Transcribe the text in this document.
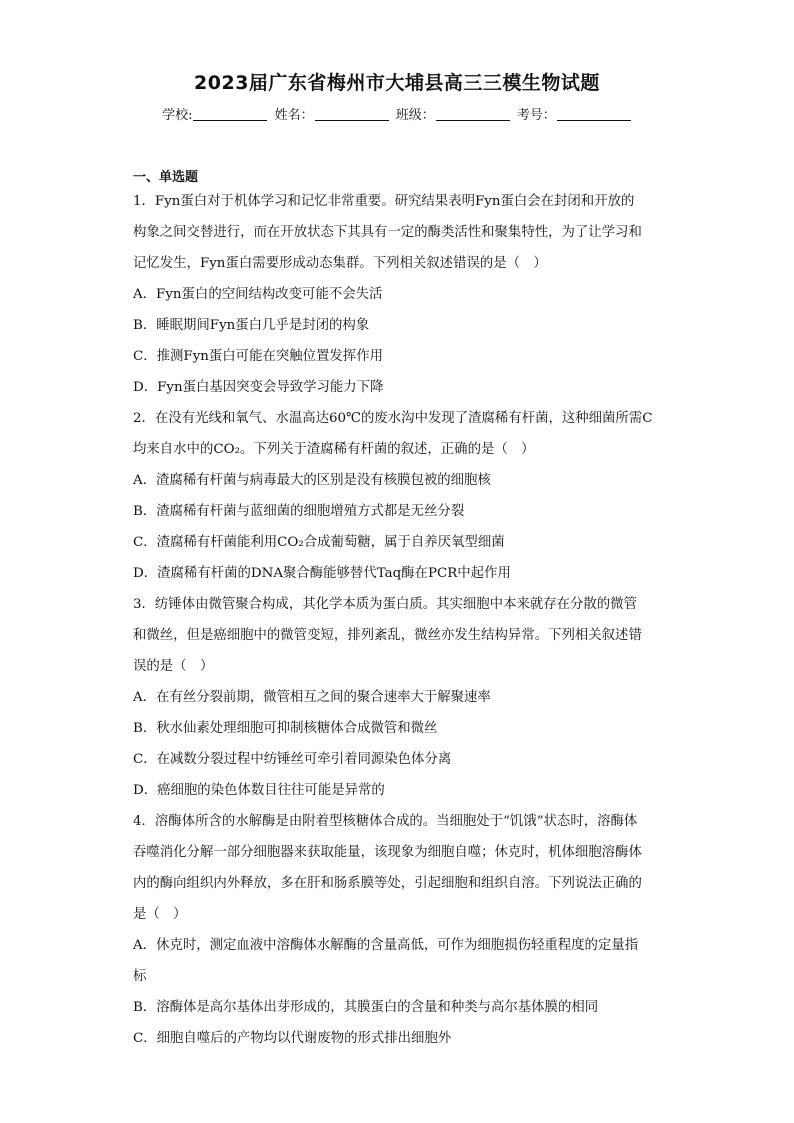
2023届广东省梅州市大埔县高三三模生物试题
学校:	姓名：	班级：	考号：
一、单选题
1．Fyn蛋白对于机体学习和记忆非常重要。研究结果表明Fyn蛋白会在封闭和开放的
构象之间交替进行，而在开放状态下其具有一定的酶类活性和聚集特性，为了让学习和
记忆发生，Fyn蛋白需要形成动态集群。下列相关叙述错误的是（　）
A．Fyn蛋白的空间结构改变可能不会失活
B．睡眠期间Fyn蛋白几乎是封闭的构象
C．推测Fyn蛋白可能在突触位置发挥作用
D．Fyn蛋白基因突变会导致学习能力下降
2．在没有光线和氧气、水温高达60℃的废水沟中发现了渣腐稀有杆菌，这种细菌所需C
均来自水中的CO₂。下列关于渣腐稀有杆菌的叙述，正确的是（　）
A．渣腐稀有杆菌与病毒最大的区别是没有核膜包被的细胞核
B．渣腐稀有杆菌与蓝细菌的细胞增殖方式都是无丝分裂
C．渣腐稀有杆菌能利用CO₂合成葡萄糖，属于自养厌氧型细菌
D．渣腐稀有杆菌的DNA聚合酶能够替代Taq酶在PCR中起作用
3．纺锤体由微管聚合构成，其化学本质为蛋白质。其实细胞中本来就存在分散的微管
和微丝，但是癌细胞中的微管变短，排列紊乱，微丝亦发生结构异常。下列相关叙述错
误的是（　）
A．在有丝分裂前期，微管相互之间的聚合速率大于解聚速率
B．秋水仙素处理细胞可抑制核糖体合成微管和微丝
C．在减数分裂过程中纺锤丝可牵引着同源染色体分离
D．癌细胞的染色体数目往往可能是异常的
4．溶酶体所含的水解酶是由附着型核糖体合成的。当细胞处于“饥饿”状态时，溶酶体
吞噬消化分解一部分细胞器来获取能量，该现象为细胞自噬；休克时，机体细胞溶酶体
内的酶向组织内外释放，多在肝和肠系膜等处，引起细胞和组织自溶。下列说法正确的
是（　）
A．休克时，测定血液中溶酶体水解酶的含量高低，可作为细胞损伤轻重程度的定量指
标
B．溶酶体是高尔基体出芽形成的，其膜蛋白的含量和种类与高尔基体膜的相同
C．细胞自噬后的产物均以代谢废物的形式排出细胞外
